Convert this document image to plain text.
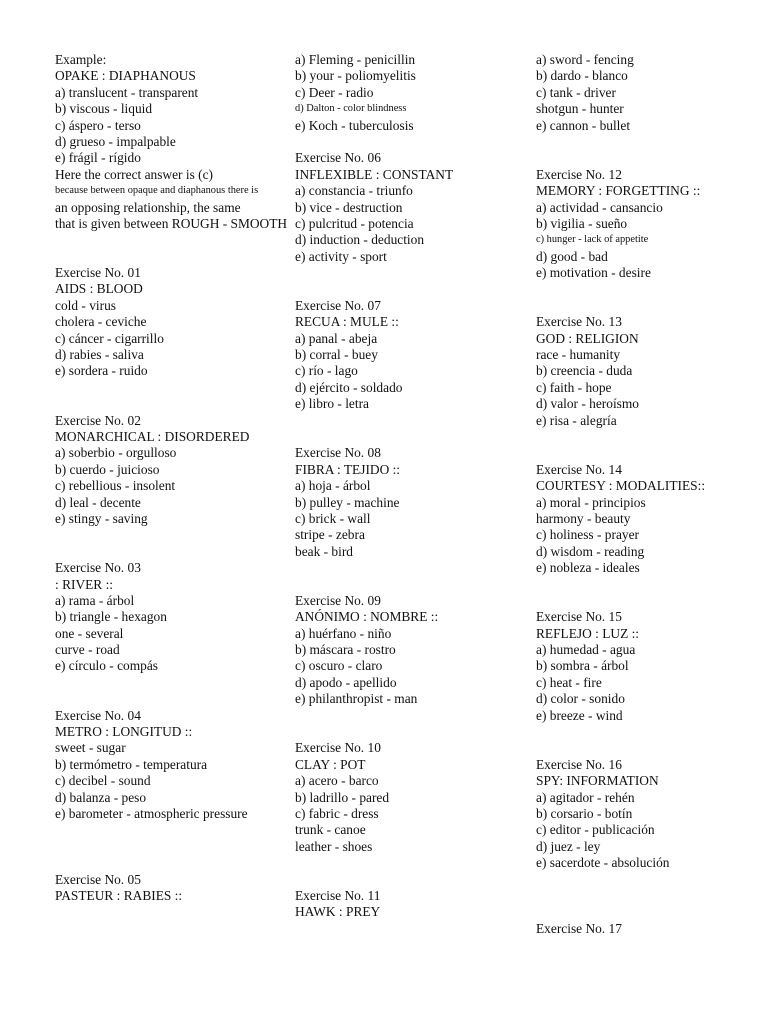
Example:
OPAKE : DIAPHANOUS
a) translucent - transparent
b) viscous - liquid
c) áspero - terso
d) grueso - impalpable
e) frágil - rígido
Here the correct answer is (c)
because between opaque and diaphanous there is
an opposing relationship, the same
that is given between ROUGH - SMOOTH
Exercise No. 01
AIDS : BLOOD
cold - virus
cholera - ceviche
c) cáncer - cigarrillo
d) rabies - saliva
e) sordera - ruido
Exercise No. 02
MONARCHICAL : DISORDERED
a) soberbio - orgulloso
b) cuerdo - juicioso
c) rebellious - insolent
d) leal - decente
e) stingy - saving
Exercise No. 03
: RIVER ::
a) rama - árbol
b) triangle - hexagon
one - several
curve - road
e) círculo - compás
Exercise No. 04
METRO : LONGITUD ::
sweet - sugar
b) termómetro - temperatura
c) decibel - sound
d) balanza - peso
e) barometer - atmospheric pressure
Exercise No. 05
PASTEUR : RABIES ::
a) Fleming - penicillin
b) your - poliomyelitis
c) Deer - radio
d) Dalton - color blindness
e) Koch - tuberculosis
Exercise No. 06
INFLEXIBLE : CONSTANT
a) constancia - triunfo
b) vice - destruction
c) pulcritud - potencia
d) induction - deduction
e) activity - sport
Exercise No. 07
RECUA : MULE ::
a) panal - abeja
b) corral - buey
c) río - lago
d) ejército - soldado
e) libro - letra
Exercise No. 08
FIBRA : TEJIDO ::
a) hoja - árbol
b) pulley - machine
c) brick - wall
stripe - zebra
beak - bird
Exercise No. 09
ANÓNIMO : NOMBRE ::
a) huérfano - niño
b) máscara - rostro
c) oscuro - claro
d) apodo - apellido
e) philanthropist - man
Exercise No. 10
CLAY : POT
a) acero - barco
b) ladrillo - pared
c) fabric - dress
trunk - canoe
leather - shoes
Exercise No. 11
HAWK : PREY
a) sword - fencing
b) dardo - blanco
c) tank - driver
shotgun - hunter
e) cannon - bullet
Exercise No. 12
MEMORY : FORGETTING ::
a) actividad - cansancio
b) vigilia - sueño
c) hunger - lack of appetite
d) good - bad
e) motivation - desire
Exercise No. 13
GOD : RELIGION
race - humanity
b) creencia - duda
c) faith - hope
d) valor - heroísmo
e) risa - alegría
Exercise No. 14
COURTESY : MODALITIES::
a) moral - principios
harmony - beauty
c) holiness - prayer
d) wisdom - reading
e) nobleza - ideales
Exercise No. 15
REFLEJO : LUZ ::
a) humedad - agua
b) sombra - árbol
c) heat - fire
d) color - sonido
e) breeze - wind
Exercise No. 16
SPY: INFORMATION
a) agitador - rehén
b) corsario - botín
c) editor - publicación
d) juez - ley
e) sacerdote - absolución
Exercise No. 17
